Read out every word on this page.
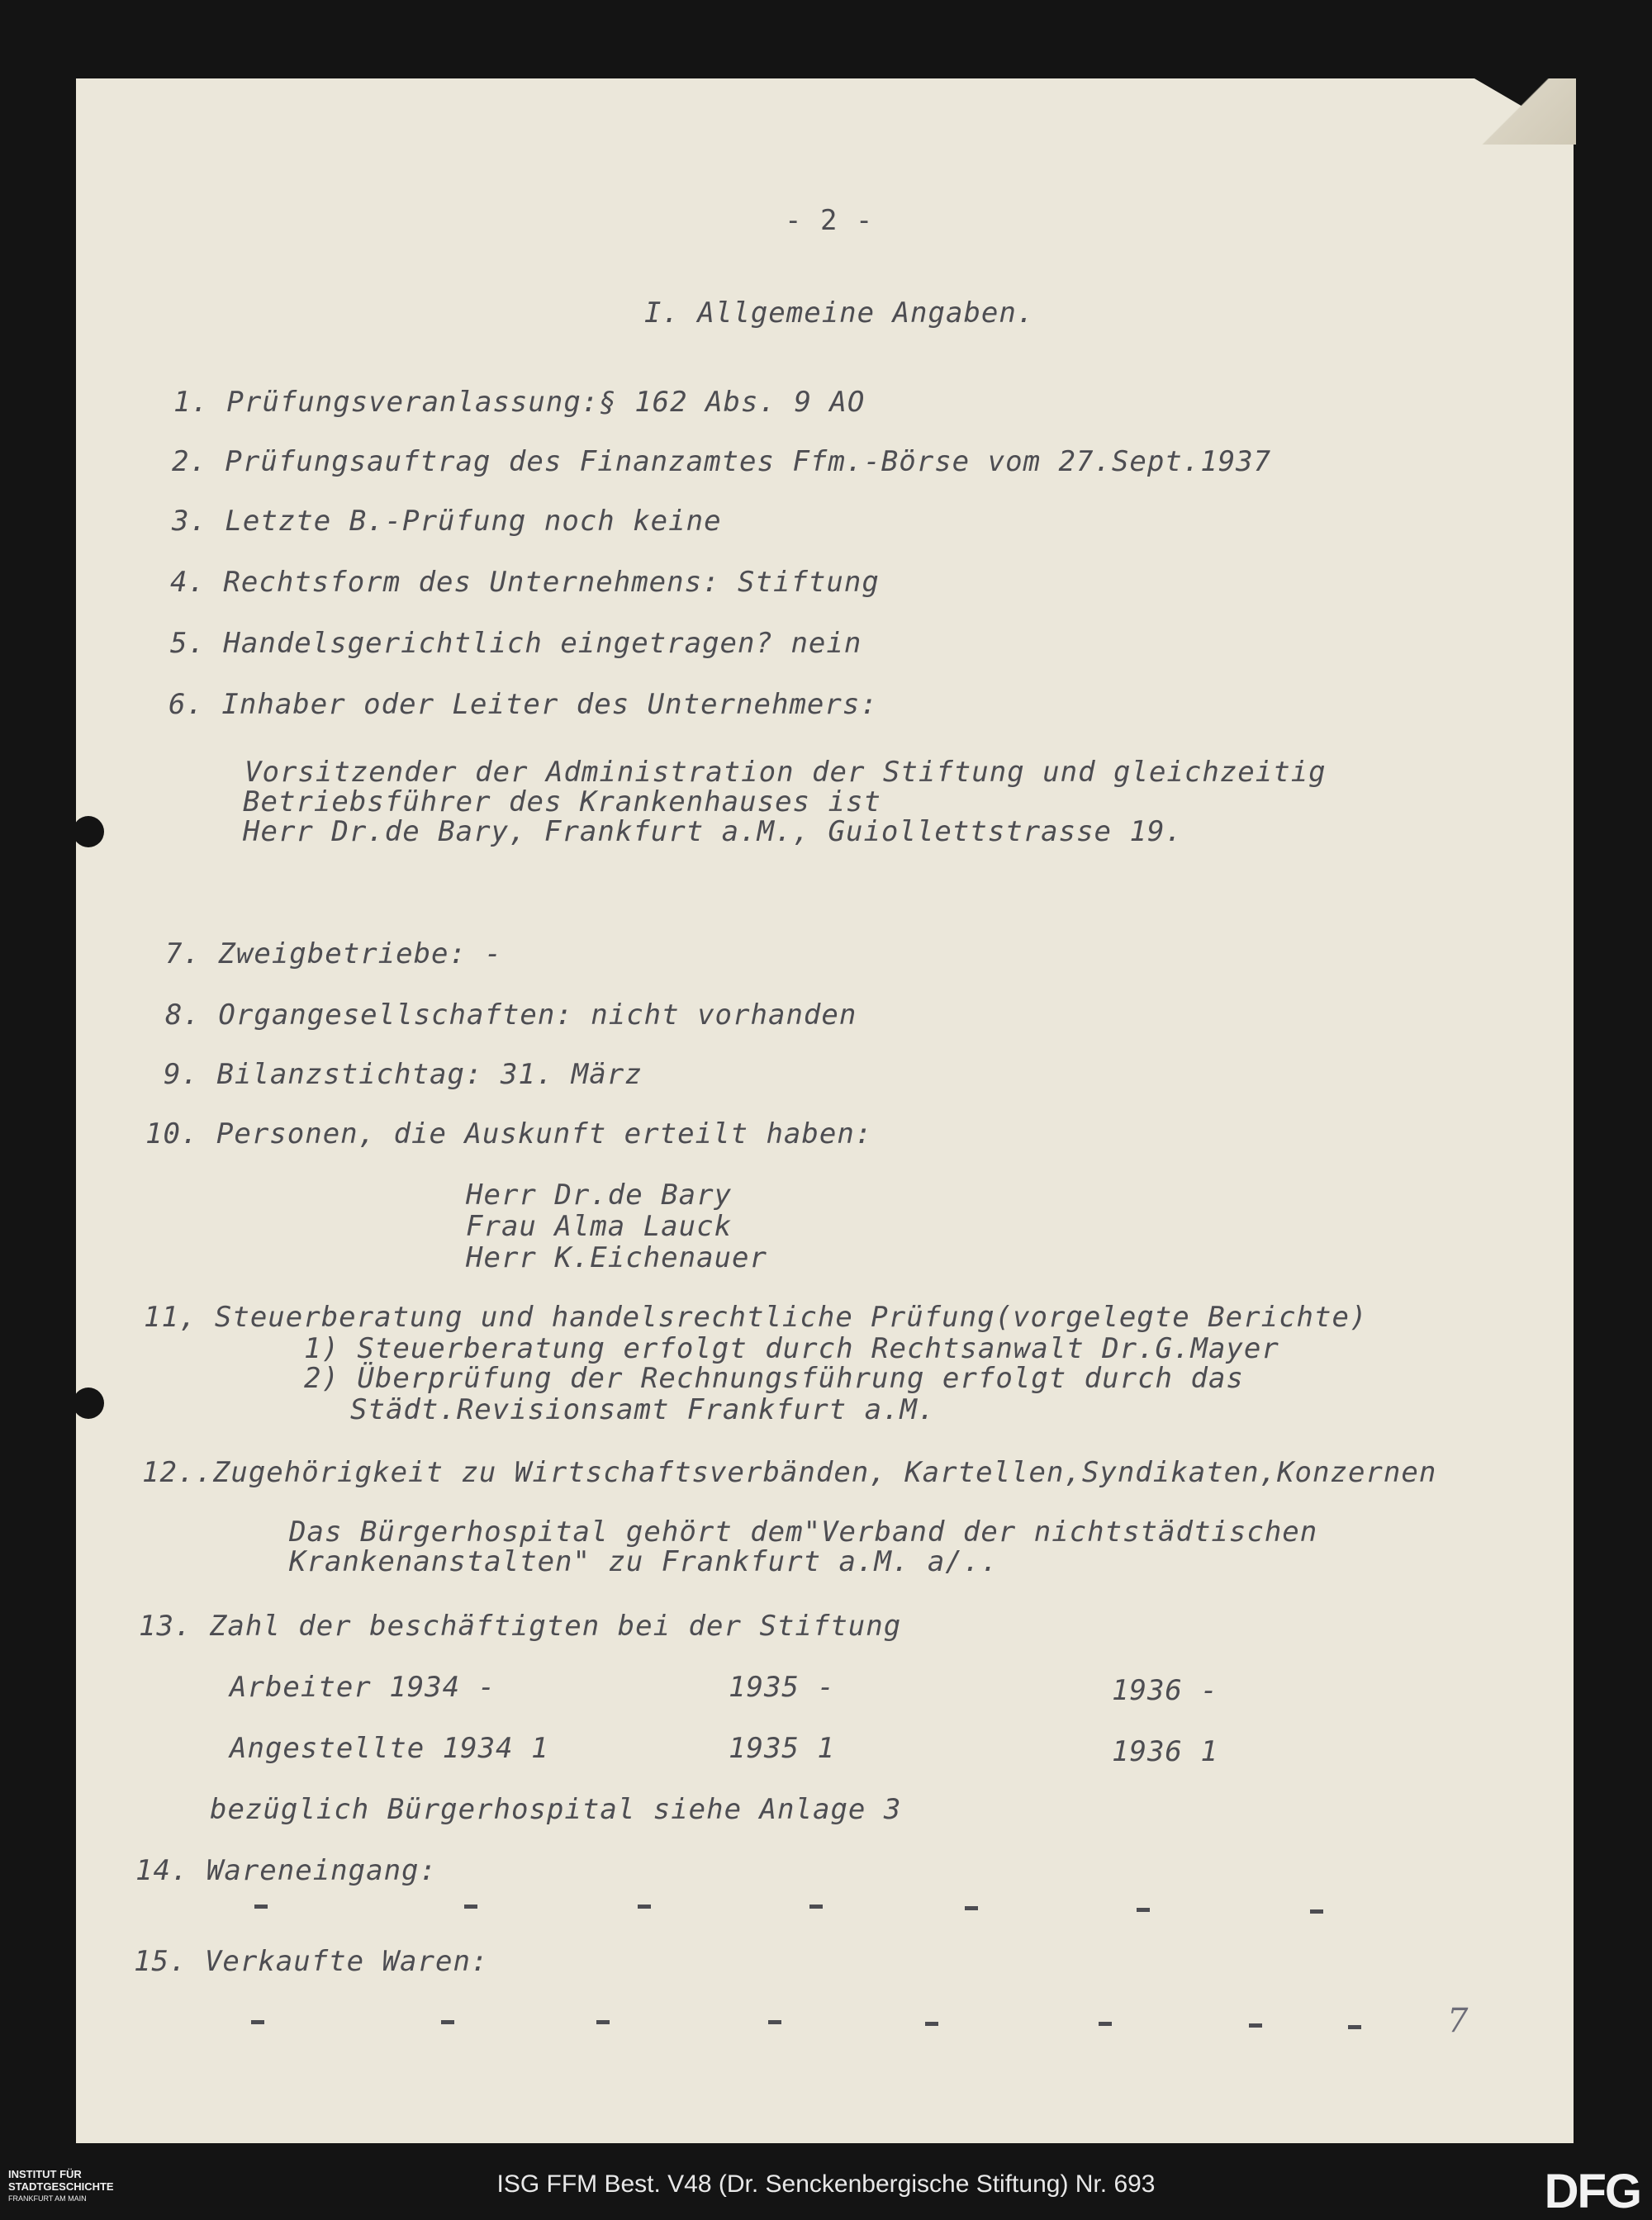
- 2 -
I. Allgemeine Angaben.
1. Prüfungsveranlassung:§ 162 Abs. 9 AO
2. Prüfungsauftrag des Finanzamtes Ffm.-Börse vom 27.Sept.1937
3. Letzte B.-Prüfung noch keine
4. Rechtsform des Unternehmens: Stiftung
5. Handelsgerichtlich eingetragen? nein
6. Inhaber oder Leiter des Unternehmers:
Vorsitzender der Administration der Stiftung und gleichzeitig
Betriebsführer des Krankenhauses ist
Herr Dr.de Bary, Frankfurt a.M., Guiollettstrasse 19.
7. Zweigbetriebe: -
8. Organgesellschaften: nicht vorhanden
9. Bilanzstichtag: 31. März
10. Personen, die Auskunft erteilt haben:
Herr Dr.de Bary
Frau Alma Lauck
Herr K.Eichenauer
11, Steuerberatung und handelsrechtliche Prüfung(vorgelegte Berichte)
1) Steuerberatung erfolgt durch Rechtsanwalt Dr.G.Mayer
2) Überprüfung der Rechnungsführung erfolgt durch das
Städt.Revisionsamt Frankfurt a.M.
12..Zugehörigkeit zu Wirtschaftsverbänden, Kartellen,Syndikaten,Konzernen
Das Bürgerhospital gehört dem"Verband der nichtstädtischen
Krankenanstalten" zu Frankfurt a.M. a/..
13. Zahl der beschäftigten bei der Stiftung
Arbeiter 1934 -	1935 -	1936 -
Angestellte 1934 1	1935 1	1936 1
bezüglich Bürgerhospital siehe Anlage 3
14. Wareneingang:
15. Verkaufte Waren:
7
INSTITUT FÜR
STADTGESCHICHTE
FRANKFURT AM MAIN
ISG FFM Best. V48 (Dr. Senckenbergische Stiftung) Nr. 693	DFG
